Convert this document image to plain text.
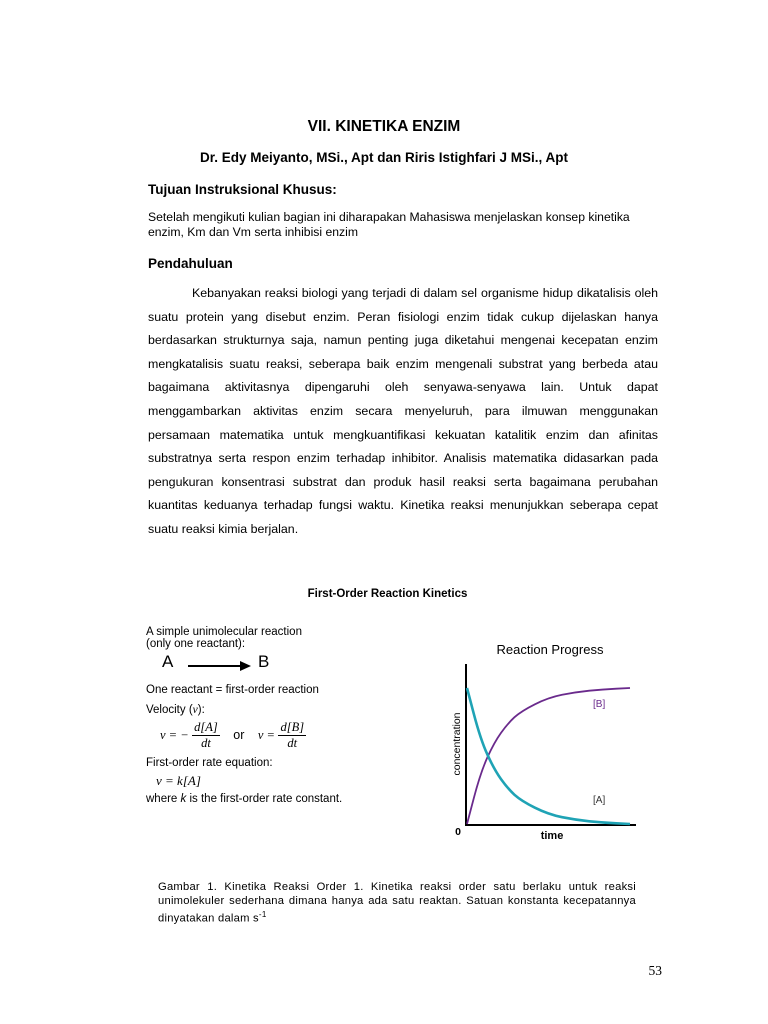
VII. KINETIKA ENZIM
Dr. Edy Meiyanto, MSi., Apt dan Riris Istighfari J MSi., Apt
Tujuan Instruksional Khusus:
Setelah mengikuti kulian bagian ini diharapakan Mahasiswa menjelaskan konsep kinetika enzim, Km dan Vm serta inhibisi enzim
Pendahuluan
Kebanyakan reaksi biologi yang terjadi di dalam sel organisme hidup dikatalisis oleh suatu protein yang disebut enzim. Peran fisiologi enzim tidak cukup dijelaskan hanya berdasarkan strukturnya saja, namun penting juga diketahui mengenai kecepatan enzim mengkatalisis suatu reaksi, seberapa baik enzim mengenali substrat yang berbeda atau bagaimana aktivitasnya dipengaruhi oleh senyawa-senyawa lain. Untuk dapat menggambarkan aktivitas enzim secara menyeluruh, para ilmuwan menggunakan persamaan matematika untuk mengkuantifikasi kekuatan katalitik enzim dan afinitas substratnya serta respon enzim terhadap inhibitor. Analisis matematika didasarkan pada pengukuran konsentrasi substrat dan produk hasil reaksi serta bagaimana perubahan kuantitas keduanya terhadap fungsi waktu. Kinetika reaksi menunjukkan seberapa cepat suatu reaksi kimia berjalan.
First-Order Reaction Kinetics
A simple unimolecular reaction
(only one reactant):
A	B
One reactant = first-order reaction
Velocity (v):
v = − $\frac{d[A]}{dt}$ or $v = \frac{d[B]}{dt}$
First-order rate equation:
v = k[A]
where k is the first-order rate constant.
Reaction Progress
concentration
time
0
[B]
[A]
Gambar 1. Kinetika Reaksi Order 1. Kinetika reaksi order satu berlaku untuk reaksi unimolekuler sederhana dimana hanya ada satu reaktan. Satuan konstanta kecepatannya dinyatakan dalam $s^{-1}$
53
